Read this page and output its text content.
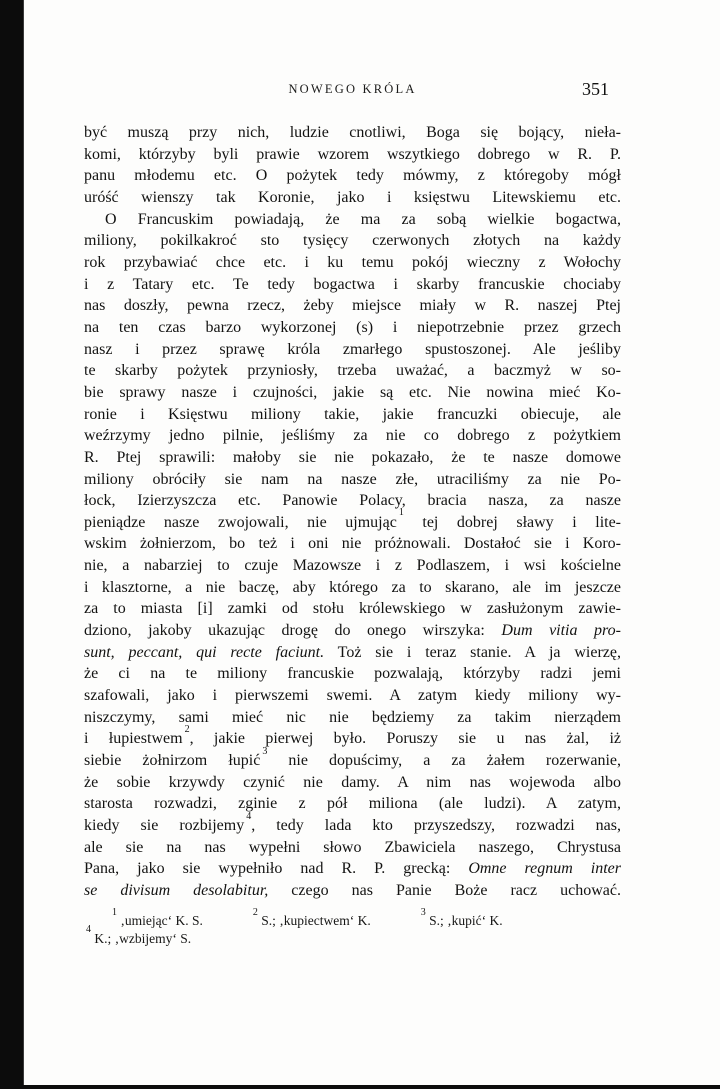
NOWEGO KRÓLA	351
być muszą przy nich, ludzie cnotliwi, Boga się bojący, nieła-
komi, którzyby byli prawie wzorem wszytkiego dobrego w R. P.
panu młodemu etc. O pożytek tedy mówmy, z któregoby mógł
uróść wienszy tak Koronie, jako i księstwu Litewskiemu etc.
O Francuskim powiadają, że ma za sobą wielkie bogactwa,
miliony, pokilkakroć sto tysięcy czerwonych złotych na każdy
rok przybawiać chce etc. i ku temu pokój wieczny z Wołochy
i z Tatary etc. Te tedy bogactwa i skarby francuskie chociaby
nas doszły, pewna rzecz, żeby miejsce miały w R. naszej Ptej
na ten czas barzo wykorzonej (s) i niepotrzebnie przez grzech
nasz i przez sprawę króla zmarłego spustoszonej. Ale jeśliby
te skarby pożytek przyniosły, trzeba uważać, a baczmyż w so-
bie sprawy nasze i czujności, jakie są etc. Nie nowina mieć Ko-
ronie i Księstwu miliony takie, jakie francuzki obiecuje, ale
weźrzymy jedno pilnie, jeśliśmy za nie co dobrego z pożytkiem
R. Ptej sprawili: małoby sie nie pokazało, że te nasze domowe
miliony obróciły sie nam na nasze złe, utraciliśmy za nie Po-
łock, Izierzyszcza etc. Panowie Polacy, bracia nasza, za nasze
pieniądze nasze zwojowali, nie ujmując$^1$ tej dobrej sławy i lite-
wskim żołnierzom, bo też i oni nie próżnowali. Dostałoć sie i Koro-
nie, a nabarziej to czuje Mazowsze i z Podlaszem, i wsi kościelne
i klasztorne, a nie baczę, aby którego za to skarano, ale im jeszcze
za to miasta [i] zamki od stołu królewskiego w zasłużonym zawie-
dziono, jakoby ukazując drogę do onego wirszyka: Dum vitia pro-
sunt, peccant, qui recte faciunt. Toż sie i teraz stanie. A ja wierzę,
że ci na te miliony francuskie pozwalają, którzyby radzi jemi
szafowali, jako i pierwszemi swemi. A zatym kiedy miliony wy-
niszczymy, sami mieć nic nie będziemy za takim nierządem
i łupiestwem$^2$, jakie pierwej było. Poruszy sie u nas żal, iż
siebie żołnirzom łupić$^3$ nie dopuścimy, a za żałem rozerwanie,
że sobie krzywdy czynić nie damy. A nim nas wojewoda albo
starosta rozwadzi, zginie z pół miliona (ale ludzi). A zatym,
kiedy sie rozbijemy$^4$, tedy lada kto przyszedszy, rozwadzi nas,
ale sie na nas wypełni słowo Zbawiciela naszego, Chrystusa
Pana, jako sie wypełniło nad R. P. grecką: Omne regnum inter
se divisum desolabitur, czego nas Panie Boże racz uchować.
$^1$ ‚umiejąc‘ K. S.
$^2$ S.; ‚kupiectwem‘ K.
$^3$ S.; ‚kupić‘ K.
$^4$ K.; ‚wzbijemy‘ S.
